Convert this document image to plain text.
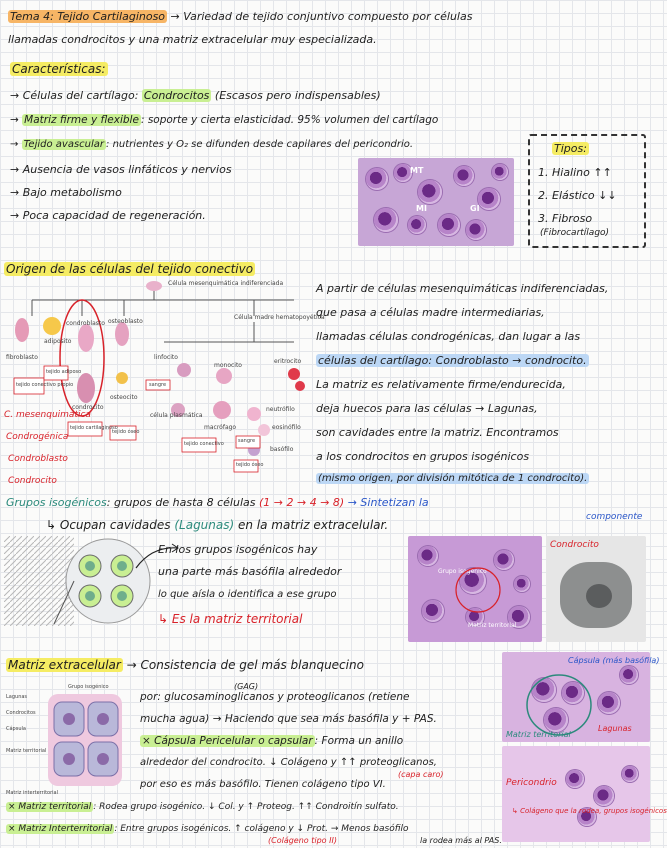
Tema 4: Tejido Cartilaginoso → Variedad de tejido conjuntivo compuesto por células
llamadas condrocitos y una matriz extracelular muy especializada.
Características:
→ Células del cartílago: Condrocitos (Escasos pero indispensables)
→ Matriz firme y flexible : soporte y cierta elasticidad. 95% volumen del cartílago
→ Tejido avascular : nutrientes y O₂ se difunden desde capilares del pericondrio.
→ Ausencia de vasos linfáticos y nervios
→ Bajo metabolismo
→ Poca capacidad de regeneración.
MT
MI	GI
Tipos:
1. Hialino ↑↑
2. Elástico ↓↓
3. Fibroso
(Fibrocartílago)
Origen de las células del tejido conectivo
Célula mesenquimática indiferenciada
Célula madre hematopoyética
fibroblasto
adiposito
condroblasto osteoblasto
linfocito
monocito
eritrocito
condrocito
osteocito
neutrófilo
eosinófilo
basófilo
célula plasmática
macrófago
tejido conectivo propio
tejido adiposo
tejido cartilaginoso
tejido óseo
sangre
tejido conectivo	sangre
tejido óseo
C. mesenquimática
Condrogénica
Condroblasto
Condrocito
A partir de células mesenquimáticas indiferenciadas,
que pasa a células madre intermediarias,
llamadas células condrogénicas, dan lugar a las
células del cartílago: Condroblasto → condrocito.
La matriz es relativamente firme/endurecida,
deja huecos para las células → Lagunas,
son cavidades entre la matriz. Encontramos
a los condrocitos en grupos isogénicos
(mismo origen, por división mitótica de 1 condrocito).
Grupos isogénicos: grupos de hasta 8 células (1 → 2 → 4 → 8) → Sintetizan la
componente
↳ Ocupan cavidades (Lagunas) en la matriz extracelular.
En los grupos isogénicos hay
una parte más basófila alrededor
lo que aísla o identifica a ese grupo
↳ Es la matriz territorial
Grupo isogénico
Matriz territorial
Condrocito
Matriz extracelular → Consistencia de gel más blanquecino
Grupo isogénico
Lagunas
Condrocitos
Cápsula
Matriz territorial
Matriz interterritorial
(GAG)
por: glucosaminoglicanos y proteoglicanos (retiene
mucha agua) → Haciendo que sea más basófila y + PAS.
× Cápsula Pericelular o capsular : Forma un anillo
alrededor del condrocito. ↓ Colágeno y ↑↑ proteoglicanos,
por eso es más basófilo. Tienen colágeno tipo VI.
(capa caro)
× Matriz territorial : Rodea grupo isogénico. ↓ Col. y ↑ Proteog. ↑↑ Condroitín sulfato.
× Matriz Interterritorial : Entre grupos isogénicos. ↑ colágeno y ↓ Prot. → Menos basófilo
(Colágeno tipo II)	la rodea más al PAS.
Cápsula (más basófila)
Matriz territorial
Lagunas
Pericondrio
↳ Colágeno que la rodea, grupos isogénicos
